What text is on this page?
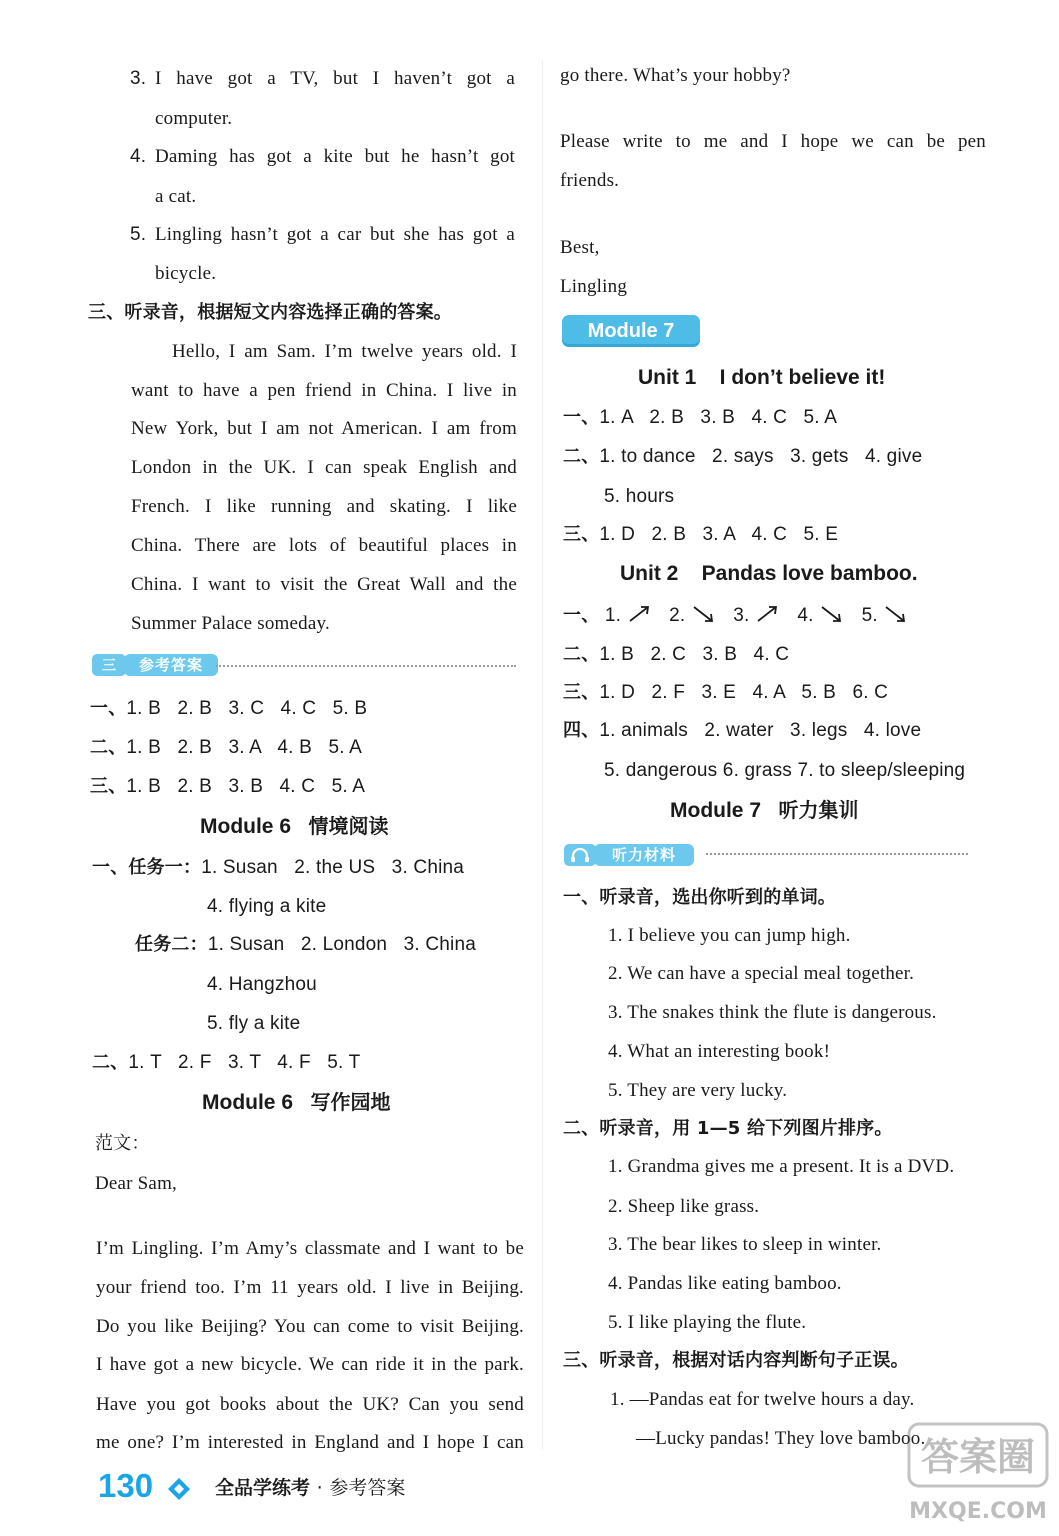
3. I have got a TV, but I haven’t got a
computer.
4. Daming has got a kite but he hasn’t got
a cat.
5. Lingling hasn’t got a car but she has got a
bicycle.
三、听录音，根据短文内容选择正确的答案。
Hello, I am Sam. I’m twelve years old. I
want to have a pen friend in China. I live in
New York, but I am not American. I am from
London in the UK. I can speak English and
French. I like running and skating. I like
China. There are lots of beautiful places in
China. I want to visit the Great Wall and the
Summer Palace someday.
三	参考答案
一、1. B   2. B   3. C   4. C   5. B
二、1. B   2. B   3. A   4. B   5. A
三、1. B   2. B   3. B   4. C   5. A
Module 6 情境阅读
一、任务一：1. Susan   2. the US   3. China
4. flying a kite
任务二：1. Susan   2. London   3. China
4. Hangzhou
5. fly a kite
二、1. T   2. F   3. T   4. F   5. T
Module 6 写作园地
范文：
Dear Sam,
I’m Lingling. I’m Amy’s classmate and I want to be
your friend too. I’m 11 years old. I live in Beijing.
Do you like Beijing? You can come to visit Beijing.
I have got a new bicycle. We can ride it in the park.
Have you got books about the UK? Can you send
me one? I’m interested in England and I hope I can
go there. What’s your hobby?
Please write to me and I hope we can be pen
friends.
Best,
Lingling
Module 7
Unit 1    I don’t believe it!
一、1. A   2. B   3. B   4. C   5. A
二、1. to dance   2. says   3. gets   4. give
5. hours
三、1. D   2. B   3. A   4. C   5. E
Unit 2    Pandas love bamboo.
一、 1.	2.	3.	4.	5.
二、1. B   2. C   3. B   4. C
三、1. D   2. F   3. E   4. A   5. B   6. C
四、1. animals   2. water   3. legs   4. love
5. dangerous 6. grass 7. to sleep/sleeping
Module 7 听力集训
听力材料
一、听录音，选出你听到的单词。
1. I believe you can jump high.
2. We can have a special meal together.
3. The snakes think the flute is dangerous.
4. What an interesting book!
5. They are very lucky.
二、听录音，用 1—5 给下列图片排序。
1. Grandma gives me a present. It is a DVD.
2. Sheep like grass.
3. The bear likes to sleep in winter.
4. Pandas like eating bamboo.
5. I like playing the flute.
三、听录音，根据对话内容判断句子正误。
1. —Pandas eat for twelve hours a day.
—Lucky pandas! They love bamboo.
130	全品学练考 · 参考答案
答案圈
MXQE.COM
